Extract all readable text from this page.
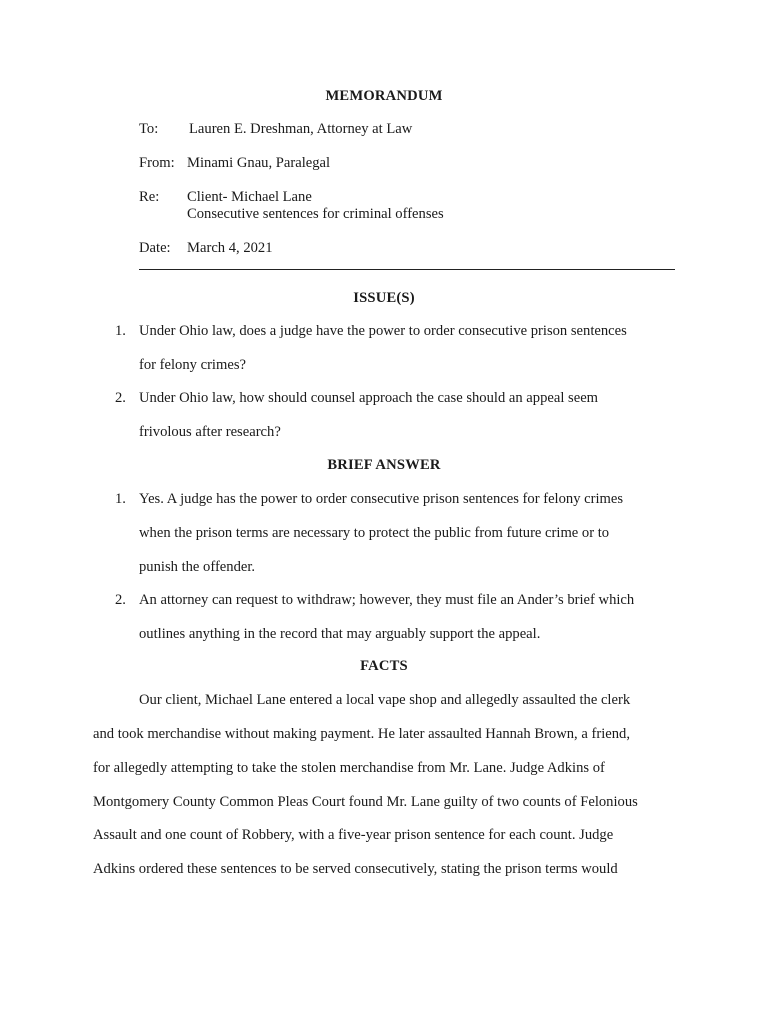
MEMORANDUM
To: Lauren E. Dreshman, Attorney at Law
From: Minami Gnau, Paralegal
Re: Client- Michael Lane
Consecutive sentences for criminal offenses
Date: March 4, 2021
ISSUE(S)
1. Under Ohio law, does a judge have the power to order consecutive prison sentences
for felony crimes?
2. Under Ohio law, how should counsel approach the case should an appeal seem
frivolous after research?
BRIEF ANSWER
1. Yes. A judge has the power to order consecutive prison sentences for felony crimes
when the prison terms are necessary to protect the public from future crime or to
punish the offender.
2. An attorney can request to withdraw; however, they must file an Ander’s brief which
outlines anything in the record that may arguably support the appeal.
FACTS
Our client, Michael Lane entered a local vape shop and allegedly assaulted the clerk
and took merchandise without making payment. He later assaulted Hannah Brown, a friend,
for allegedly attempting to take the stolen merchandise from Mr. Lane. Judge Adkins of
Montgomery County Common Pleas Court found Mr. Lane guilty of two counts of Felonious
Assault and one count of Robbery, with a five-year prison sentence for each count. Judge
Adkins ordered these sentences to be served consecutively, stating the prison terms would
